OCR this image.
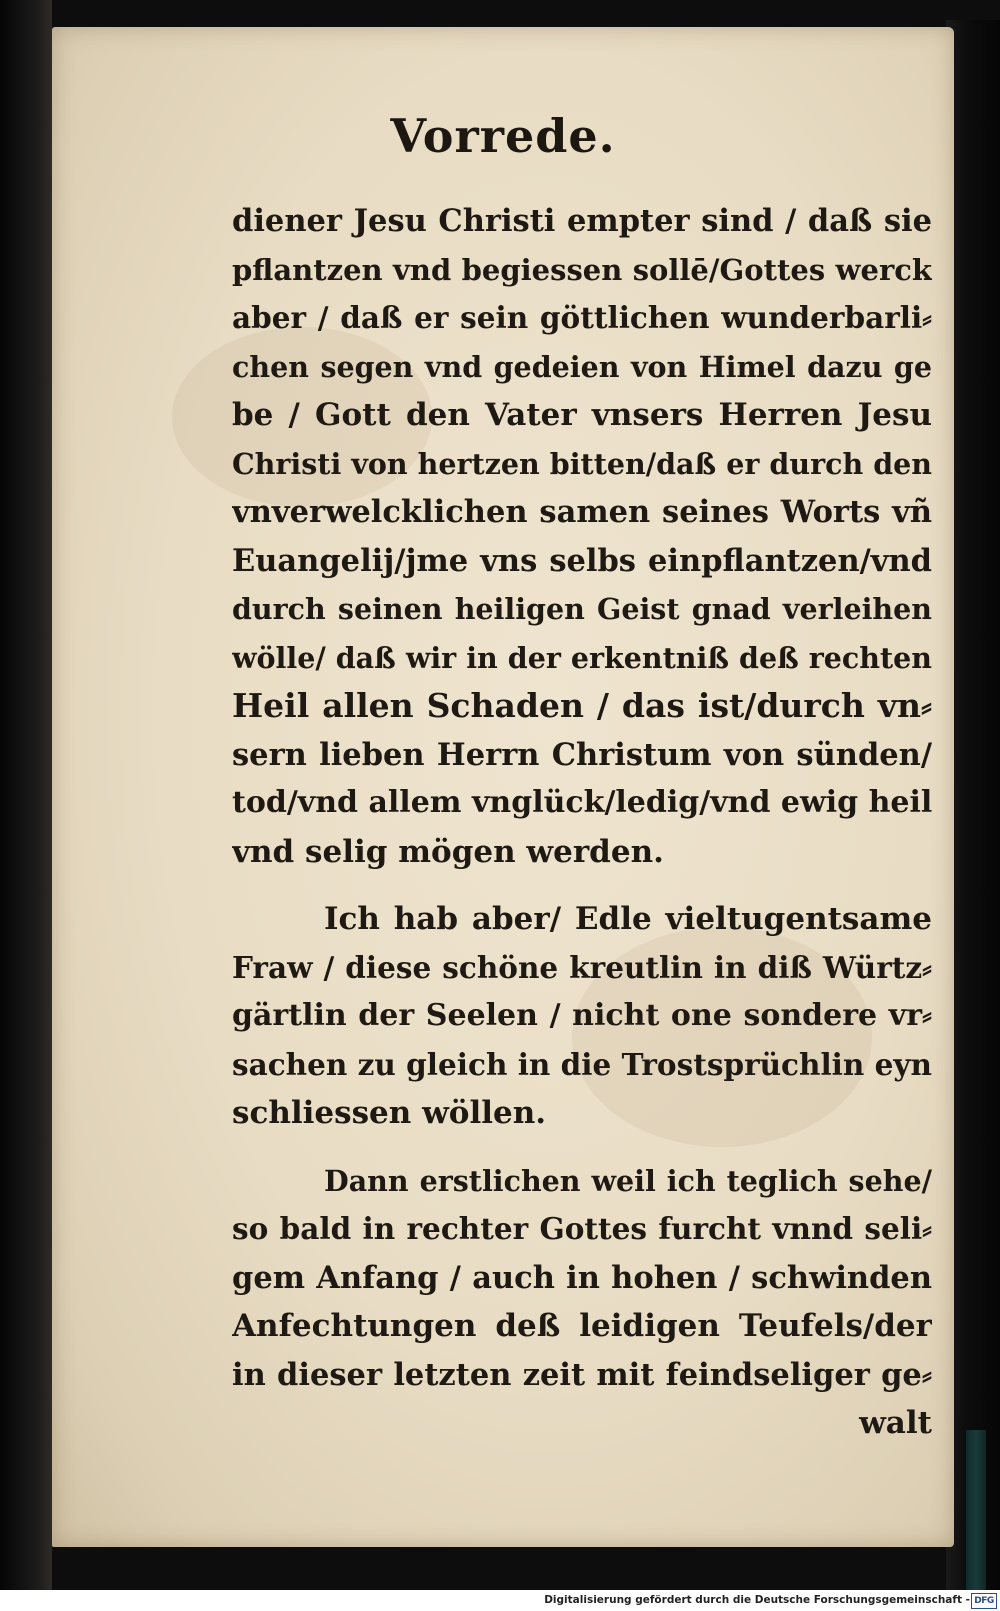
Vorrede.
diener Jesu Christi empter sind / daß sie
pflantzen vnd begiessen sollē/Gottes werck
aber / daß er sein göttlichen wunderbarli⸗
chen segen vnd gedeien von Himel dazu ge
be / Gott den Vater vnsers Herren Jesu
Christi von hertzen bitten/daß er durch den
vnverwelcklichen samen seines Worts vñ
Euangelij/jme vns selbs einpflantzen/vnd
durch seinen heiligen Geist gnad verleihen
wölle/ daß wir in der erkentniß deß rechten
Heil allen Schaden / das ist/durch vn⸗
sern lieben Herrn Christum von sünden/
tod/vnd allem vnglück/ledig/vnd ewig heil
vnd selig mögen werden.
Ich hab aber/ Edle vieltugentsame
Fraw / diese schöne kreutlin in diß Würtz⸗
gärtlin der Seelen / nicht one sondere vr⸗
sachen zu gleich in die Trostsprüchlin eyn
schliessen wöllen.
Dann erstlichen weil ich teglich sehe/
so bald in rechter Gottes furcht vnnd seli⸗
gem Anfang / auch in hohen / schwinden
Anfechtungen deß leidigen Teufels/der
in dieser letzten zeit mit feindseliger ge⸗
walt
Digitalisierung gefördert durch die Deutsche Forschungsgemeinschaft - DFG
